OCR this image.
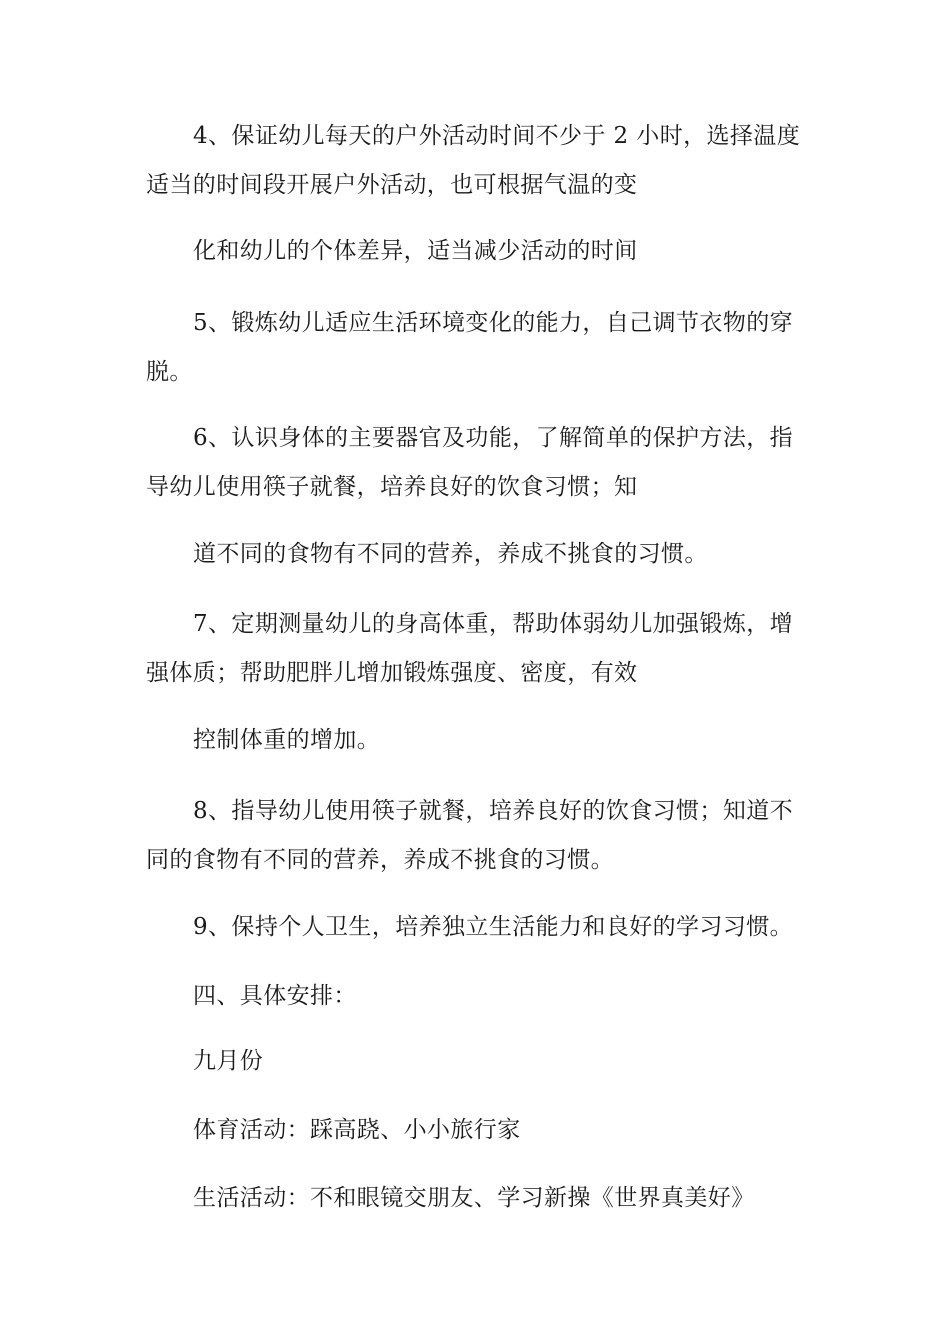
4、保证幼儿每天的户外活动时间不少于 2 小时，选择温度
适当的时间段开展户外活动，也可根据气温的变
化和幼儿的个体差异，适当减少活动的时间
5、锻炼幼儿适应生活环境变化的能力，自己调节衣物的穿
脱。
6、认识身体的主要器官及功能，了解简单的保护方法，指
导幼儿使用筷子就餐，培养良好的饮食习惯；知
道不同的食物有不同的营养，养成不挑食的习惯。
7、定期测量幼儿的身高体重，帮助体弱幼儿加强锻炼，增
强体质；帮助肥胖儿增加锻炼强度、密度，有效
控制体重的增加。
8、指导幼儿使用筷子就餐，培养良好的饮食习惯；知道不
同的食物有不同的营养，养成不挑食的习惯。
9、保持个人卫生，培养独立生活能力和良好的学习习惯。
四、具体安排：
九月份
体育活动：踩高跷、小小旅行家
生活活动：不和眼镜交朋友、学习新操《世界真美好》
